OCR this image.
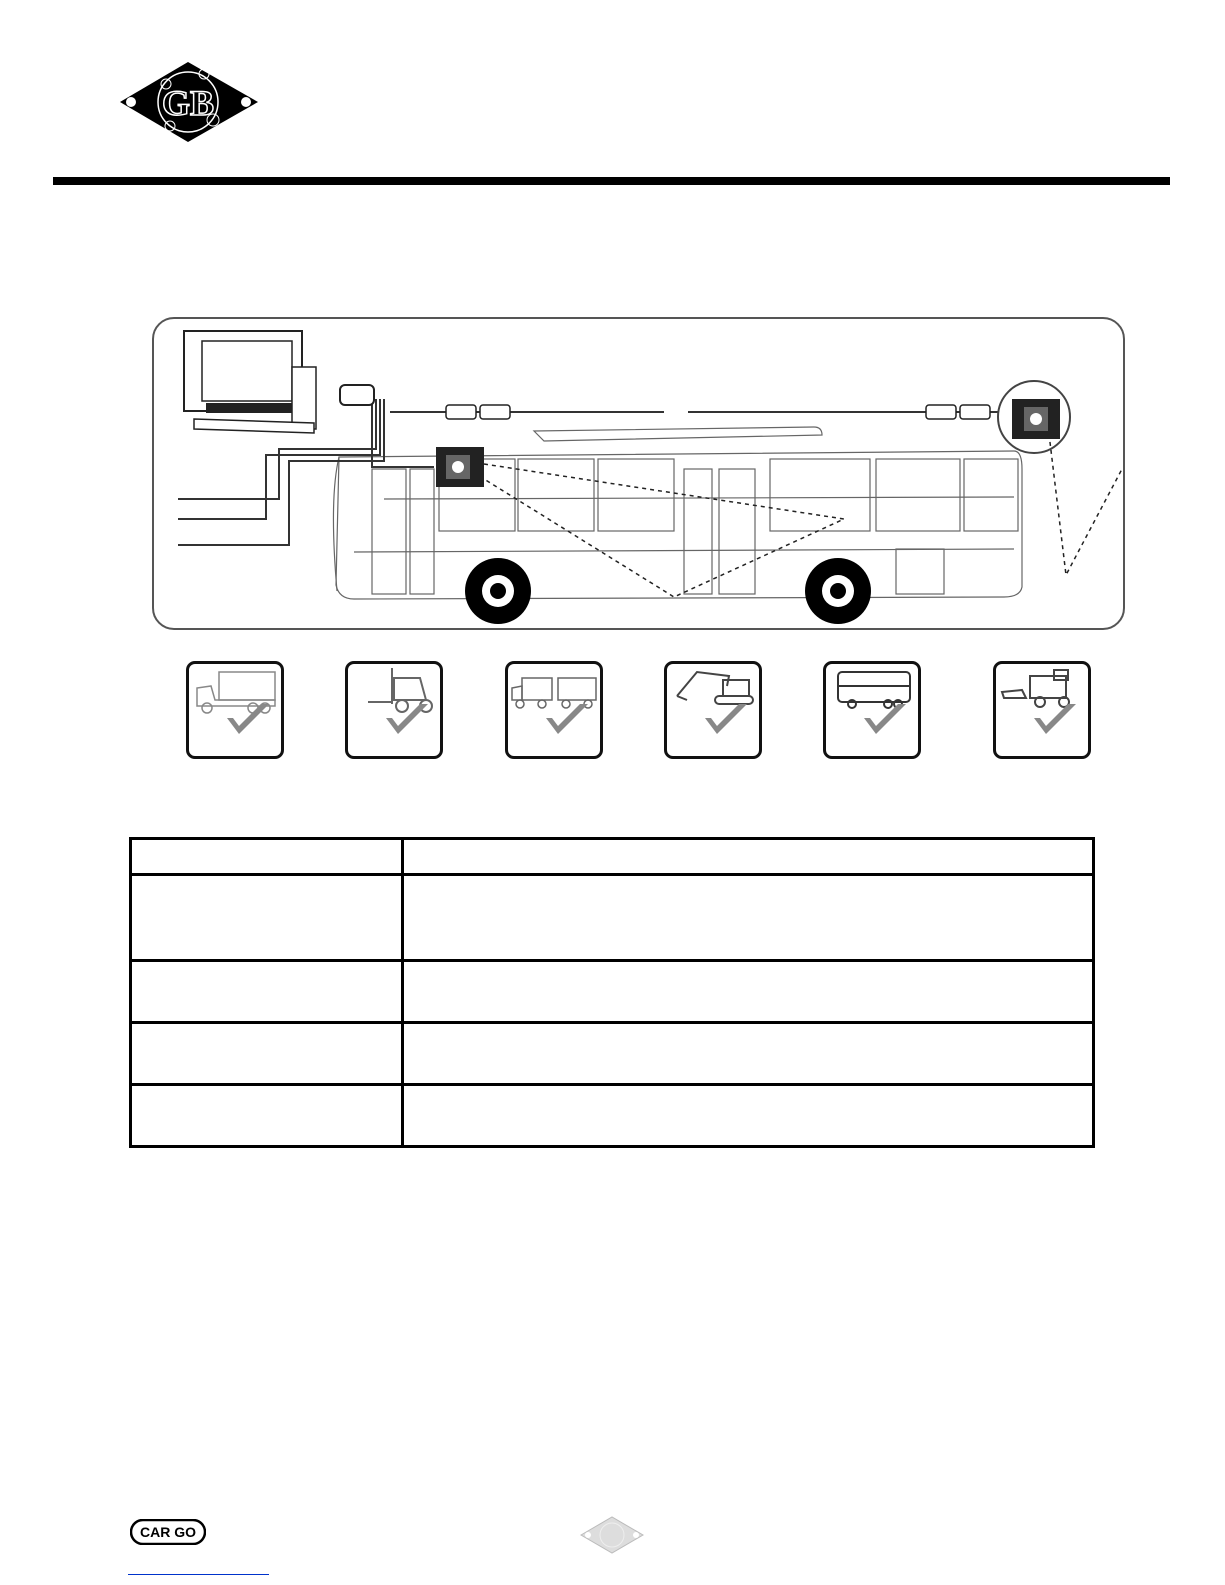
GB

CAR GO
